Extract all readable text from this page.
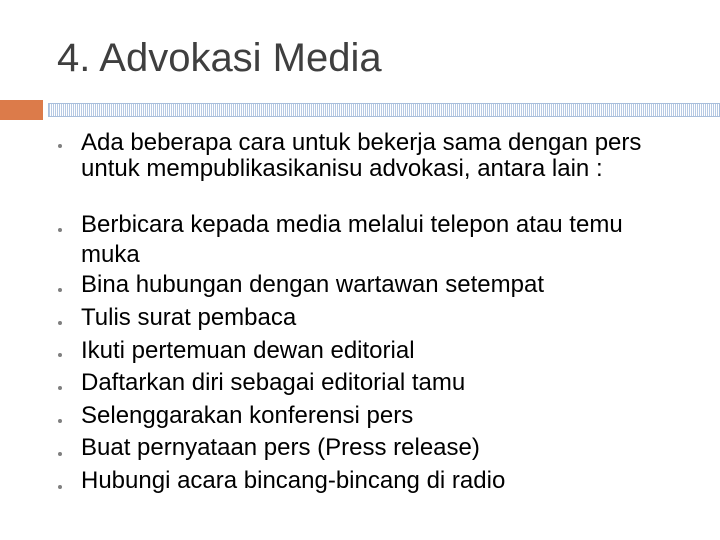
4. Advokasi Media
Ada beberapa cara untuk bekerja sama dengan pers untuk mempublikasikanisu advokasi, antara lain :
Berbicara kepada media melalui telepon atau temu muka
Bina hubungan dengan wartawan setempat
Tulis surat pembaca
Ikuti pertemuan dewan editorial
Daftarkan diri sebagai editorial tamu
Selenggarakan konferensi pers
Buat pernyataan pers (Press release)
Hubungi acara bincang-bincang di radio
